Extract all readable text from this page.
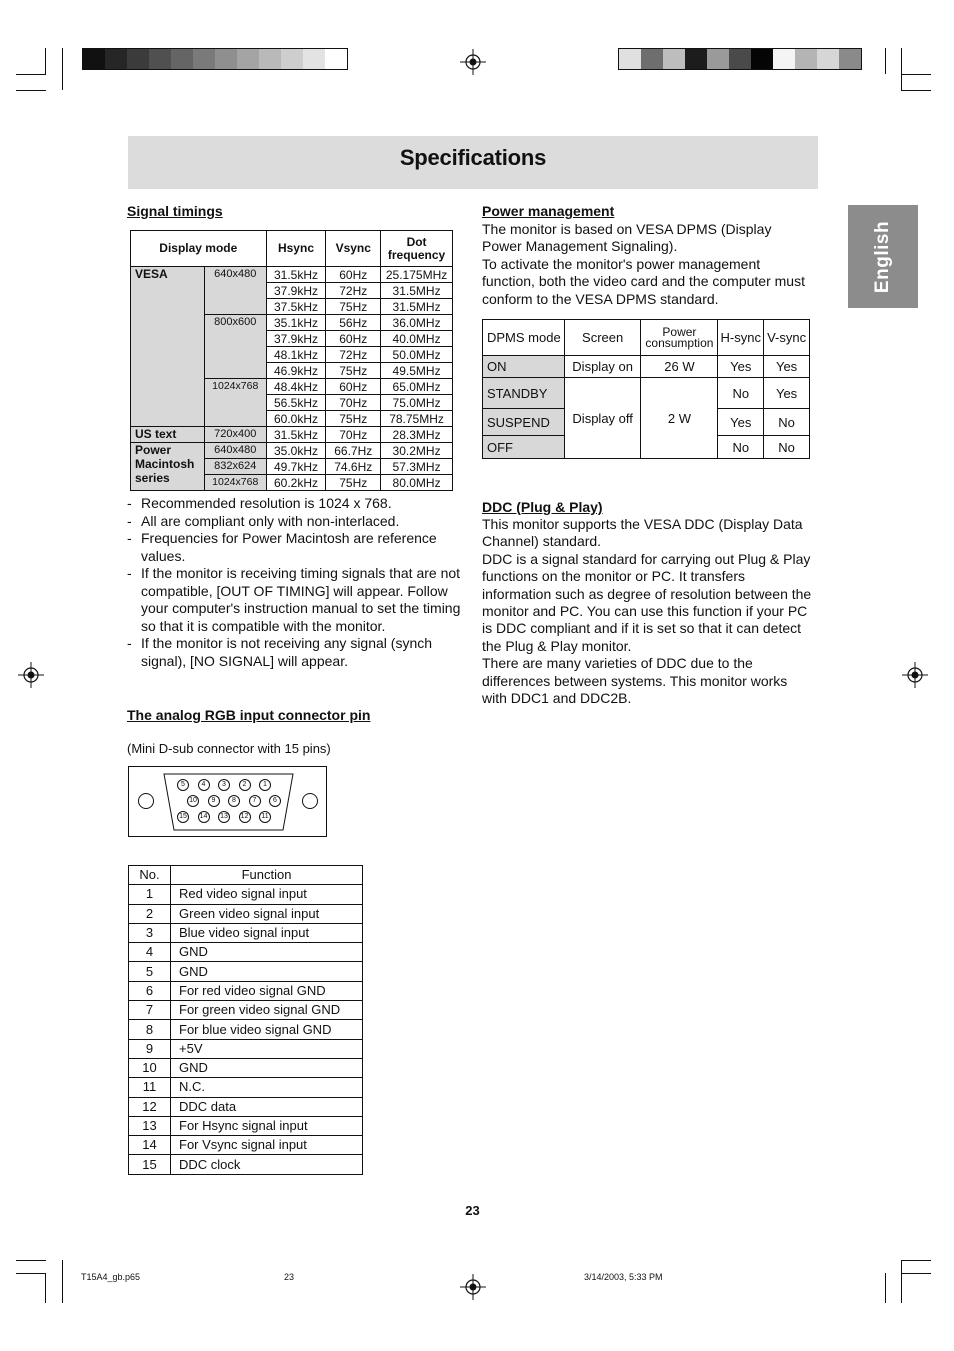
Specifications
English
Signal timings
Display mode		Hsync	Vsync	Dot frequency
VESA	640x480	31.5kHz	60Hz	25.175MHz
		37.9kHz	72Hz	31.5MHz
		37.5kHz	75Hz	31.5MHz
	800x600	35.1kHz	56Hz	36.0MHz
		37.9kHz	60Hz	40.0MHz
		48.1kHz	72Hz	50.0MHz
		46.9kHz	75Hz	49.5MHz
	1024x768	48.4kHz	60Hz	65.0MHz
		56.5kHz	70Hz	75.0MHz
		60.0kHz	75Hz	78.75MHz
US text	720x400	31.5kHz	70Hz	28.3MHz
Power Macintosh series	640x480	35.0kHz	66.7Hz	30.2MHz
	832x624	49.7kHz	74.6Hz	57.3MHz
	1024x768	60.2kHz	75Hz	80.0MHz
- Recommended resolution is 1024 x 768.
- All are compliant only with non-interlaced.
- Frequencies for Power Macintosh are reference values.
- If the monitor is receiving timing signals that are not compatible, [OUT OF TIMING] will appear. Follow your computer's instruction manual to set the timing so that it is compatible with the monitor.
- If the monitor is not receiving any signal (synch signal), [NO SIGNAL] will appear.
The analog RGB input connector pin
(Mini D-sub connector with 15 pins)
5	4	3	2	1
10	9	8	7	6
15	14	13	12	11
No.	Function
1	Red video signal input
2	Green video signal input
3	Blue video signal input
4	GND
5	GND
6	For red video signal GND
7	For green video signal GND
8	For blue video signal GND
9	+5V
10	GND
11	N.C.
12	DDC data
13	For Hsync signal input
14	For Vsync signal input
15	DDC clock
Power management
The monitor is based on VESA DPMS (Display Power Management Signaling).
To activate the monitor's power management function, both the video card and the computer must conform to the VESA DPMS standard.
DPMS mode	Screen	Power consumption	H-sync	V-sync
ON	Display on	26 W	Yes	Yes
STANDBY	Display off	2 W	No	Yes
SUSPEND			Yes	No
OFF			No	No
DDC (Plug & Play)
This monitor supports the VESA DDC (Display Data Channel) standard.
DDC is a signal standard for carrying out Plug & Play functions on the monitor or PC. It transfers information such as degree of resolution between the monitor and PC. You can use this function if your PC is DDC compliant and if it is set so that it can detect the Plug & Play monitor.
There are many varieties of DDC due to the differences between systems. This monitor works with DDC1 and DDC2B.
23
T15A4_gb.p65	23	3/14/2003, 5:33 PM
